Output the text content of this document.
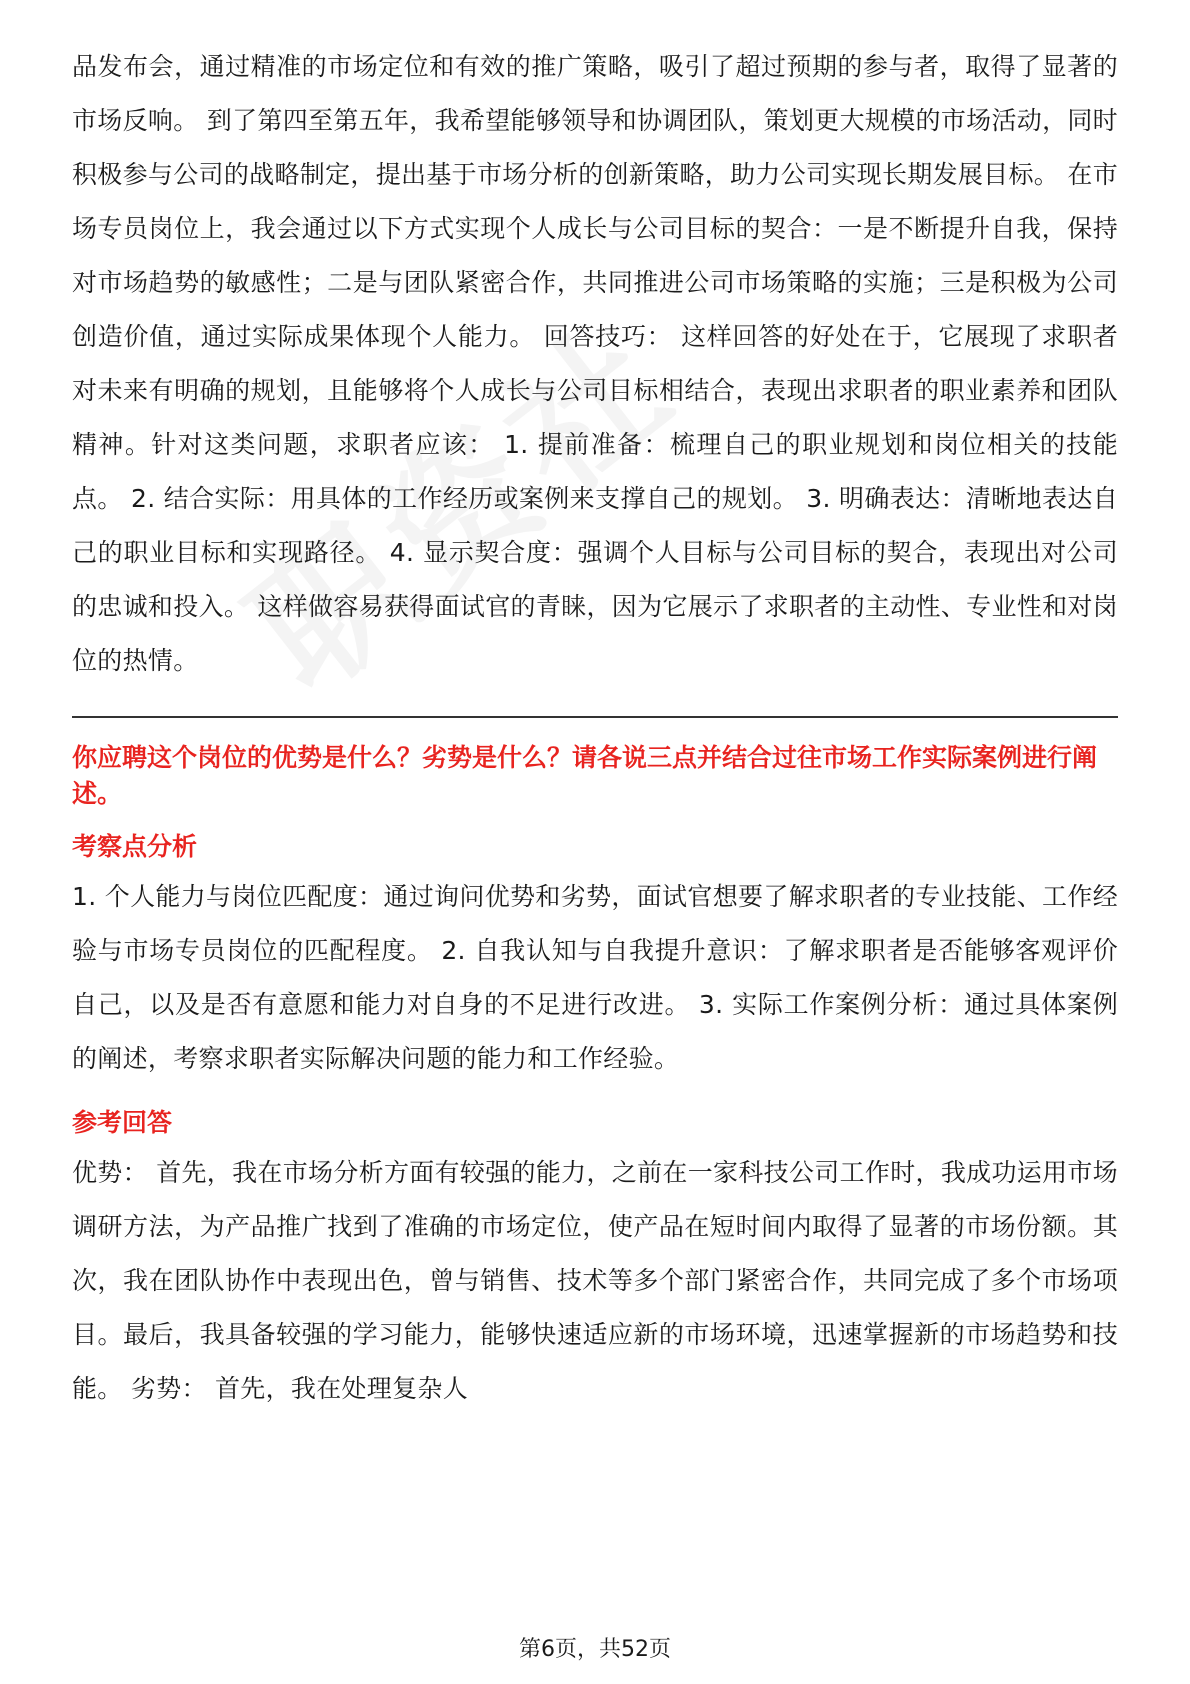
品发布会，通过精准的市场定位和有效的推广策略，吸引了超过预期的参与者，取得了显著的市场反响。 到了第四至第五年，我希望能够领导和协调团队，策划更大规模的市场活动，同时积极参与公司的战略制定，提出基于市场分析的创新策略，助力公司实现长期发展目标。 在市场专员岗位上，我会通过以下方式实现个人成长与公司目标的契合：一是不断提升自我，保持对市场趋势的敏感性；二是与团队紧密合作，共同推进公司市场策略的实施；三是积极为公司创造价值，通过实际成果体现个人能力。 回答技巧： 这样回答的好处在于，它展现了求职者对未来有明确的规划，且能够将个人成长与公司目标相结合，表现出求职者的职业素养和团队精神。针对这类问题，求职者应该： 1. 提前准备：梳理自己的职业规划和岗位相关的技能点。 2. 结合实际：用具体的工作经历或案例来支撑自己的规划。 3. 明确表达：清晰地表达自己的职业目标和实现路径。 4. 显示契合度：强调个人目标与公司目标的契合，表现出对公司的忠诚和投入。 这样做容易获得面试官的青睐，因为它展示了求职者的主动性、专业性和对岗位的热情。

你应聘这个岗位的优势是什么？劣势是什么？请各说三点并结合过往市场工作实际案例进行阐述。

考察点分析

1. 个人能力与岗位匹配度：通过询问优势和劣势，面试官想要了解求职者的专业技能、工作经验与市场专员岗位的匹配程度。 2. 自我认知与自我提升意识：了解求职者是否能够客观评价自己，以及是否有意愿和能力对自身的不足进行改进。 3. 实际工作案例分析：通过具体案例的阐述，考察求职者实际解决问题的能力和工作经验。

参考回答

优势： 首先，我在市场分析方面有较强的能力，之前在一家科技公司工作时，我成功运用市场调研方法，为产品推广找到了准确的市场定位，使产品在短时间内取得了显著的市场份额。其次，我在团队协作中表现出色，曾与销售、技术等多个部门紧密合作，共同完成了多个市场项目。最后，我具备较强的学习能力，能够快速适应新的市场环境，迅速掌握新的市场趋势和技能。 劣势： 首先，我在处理复杂人

第6页，共52页
